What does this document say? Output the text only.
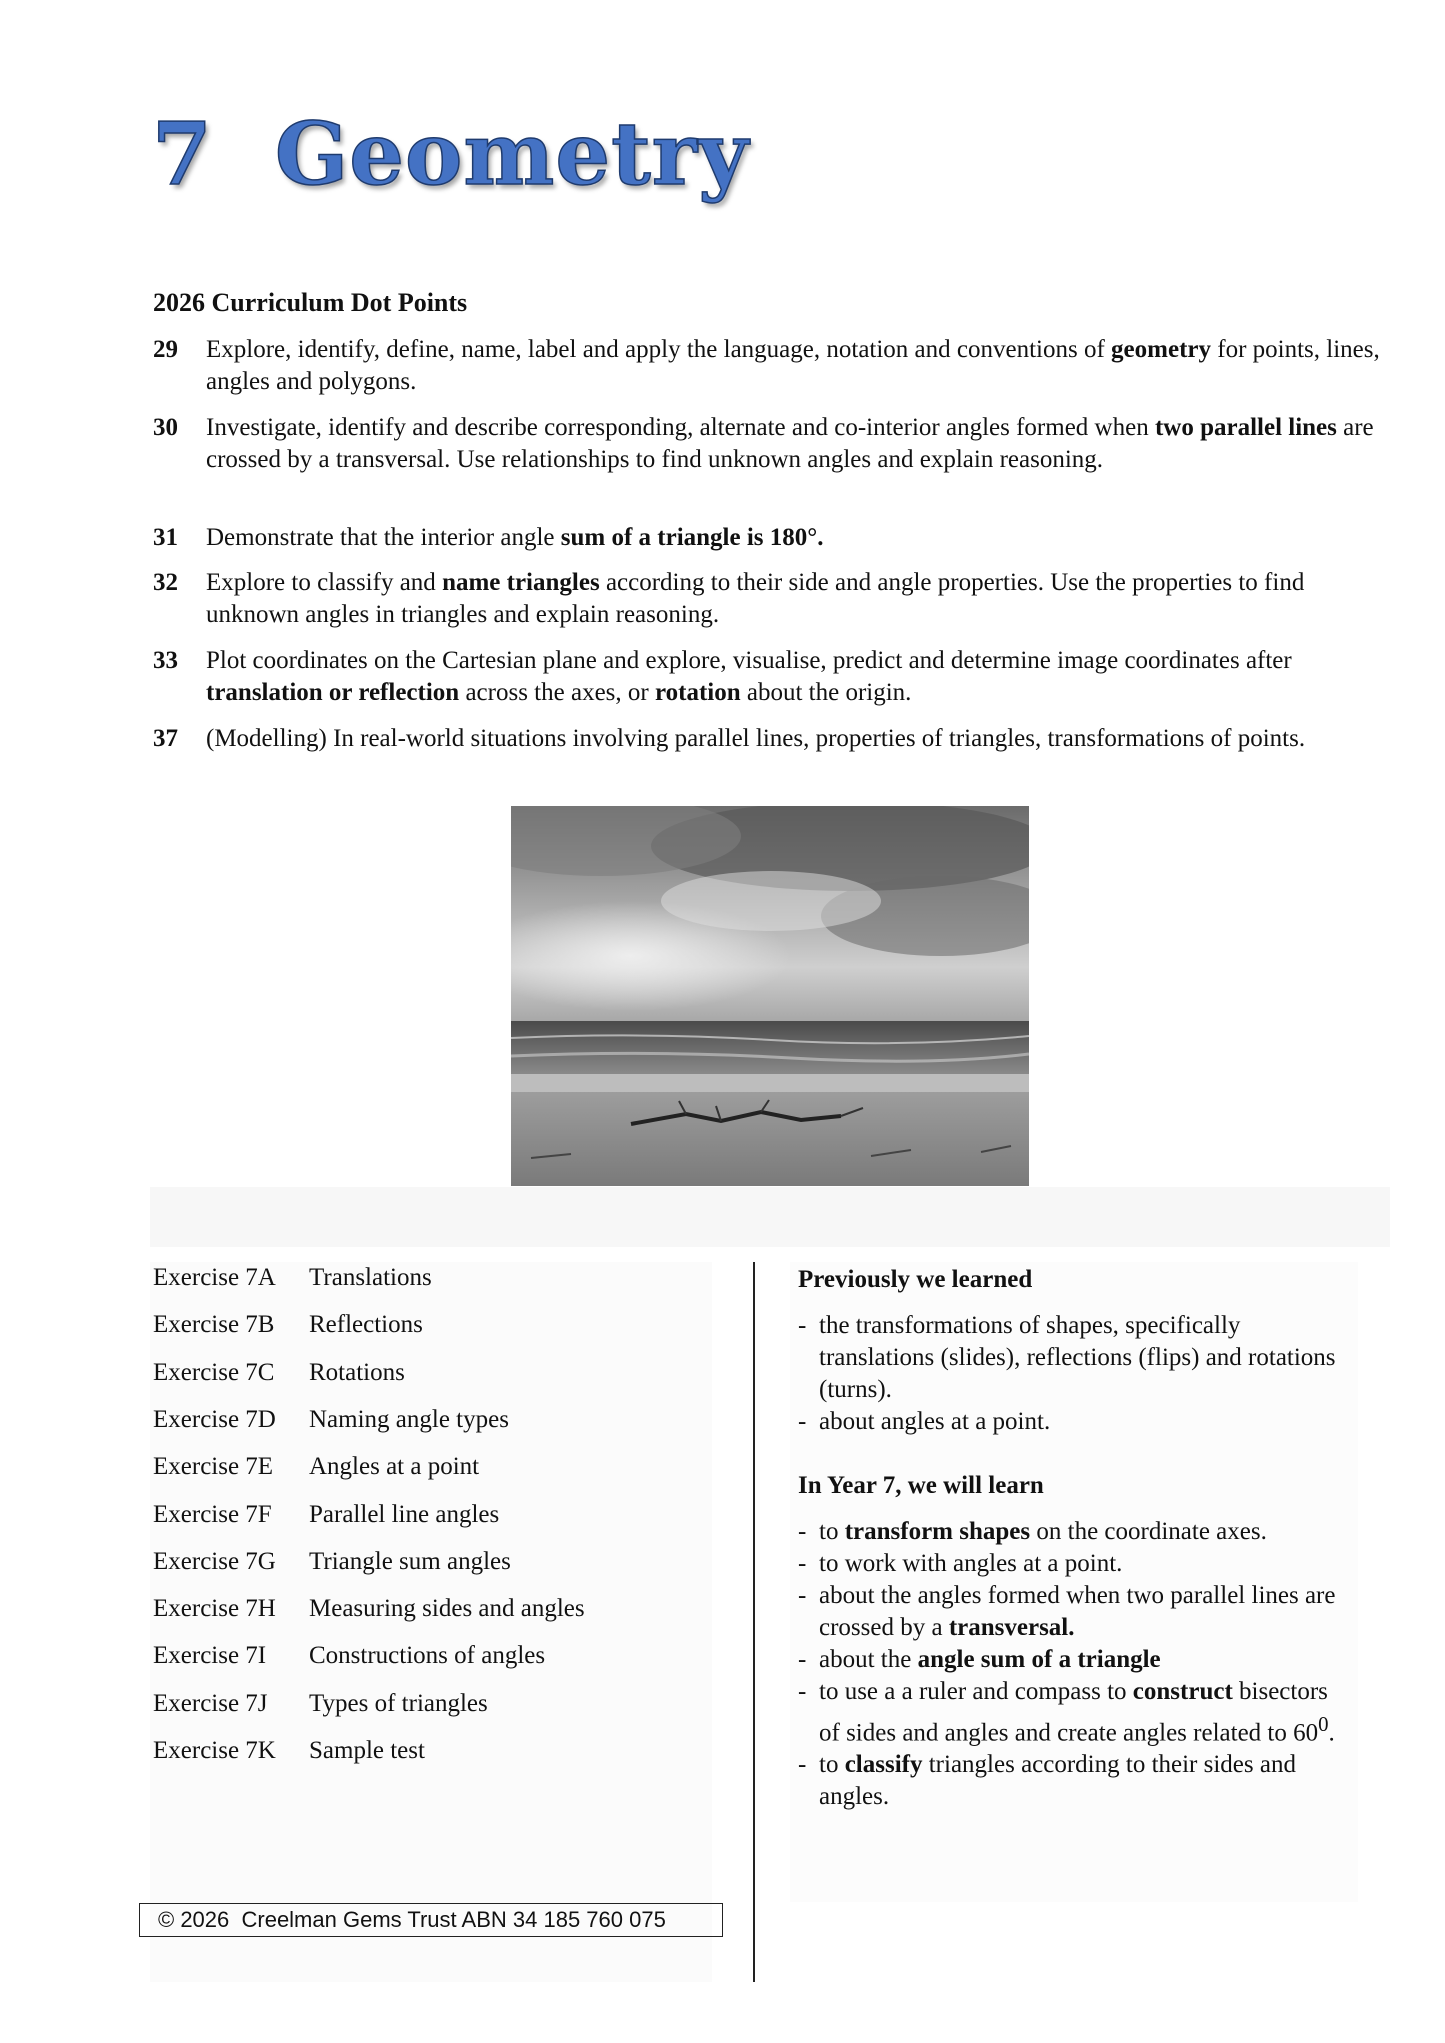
7 Geometry
2026 Curriculum Dot Points
29 Explore, identify, define, name, label and apply the language, notation and conventions of geometry for points, lines, angles and polygons.
30 Investigate, identify and describe corresponding, alternate and co-interior angles formed when two parallel lines are crossed by a transversal. Use relationships to find unknown angles and explain reasoning.
31 Demonstrate that the interior angle sum of a triangle is 180°.
32 Explore to classify and name triangles according to their side and angle properties. Use the properties to find unknown angles in triangles and explain reasoning.
33 Plot coordinates on the Cartesian plane and explore, visualise, predict and determine image coordinates after translation or reflection across the axes, or rotation about the origin.
37 (Modelling) In real-world situations involving parallel lines, properties of triangles, transformations of points.
Exercise 7A Translations
Exercise 7B Reflections
Exercise 7C Rotations
Exercise 7D Naming angle types
Exercise 7E Angles at a point
Exercise 7F Parallel line angles
Exercise 7G Triangle sum angles
Exercise 7H Measuring sides and angles
Exercise 7I Constructions of angles
Exercise 7J Types of triangles
Exercise 7K Sample test
Previously we learned
- the transformations of shapes, specifically translations (slides), reflections (flips) and rotations (turns).
- about angles at a point.
In Year 7, we will learn
- to transform shapes on the coordinate axes.
- to work with angles at a point.
- about the angles formed when two parallel lines are crossed by a transversal.
- about the angle sum of a triangle
- to use a a ruler and compass to construct bisectors of sides and angles and create angles related to $60^0$.
- to classify triangles according to their sides and angles.
© 2026  Creelman Gems Trust ABN 34 185 760 075
